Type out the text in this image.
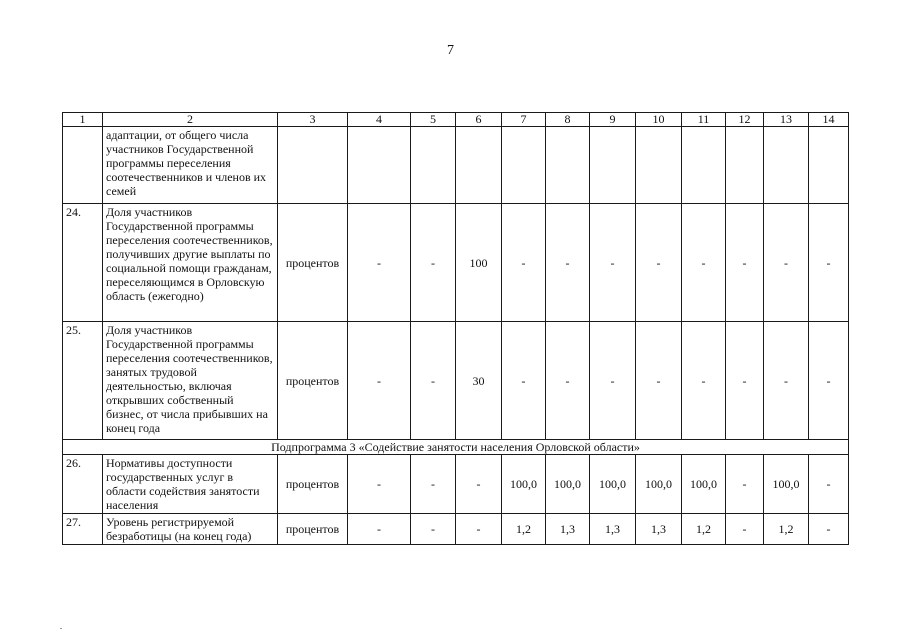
7
1	2	3	4	5	6	7	8	9	10	11	12	13	14
	адаптации, от общего числа участников Государственной программы переселения соотечественников и членов их семей												
24.	Доля участников Государственной программы переселения соотечественников, получивших другие выплаты по социальной помощи гражданам, переселяющимся в Орловскую область (ежегодно)	процентов	-	-	100	-	-	-	-	-	-	-	-
25.	Доля участников Государственной программы переселения соотечественников, занятых трудовой деятельностью, включая открывших собственный бизнес, от числа прибывших на конец года	процентов	-	-	30	-	-	-	-	-	-	-	-
Подпрограмма 3 «Содействие занятости населения Орловской области»													
26.	Нормативы доступности государственных услуг в области содействия занятости населения	процентов	-	-	-	100,0	100,0	100,0	100,0	100,0	-	100,0	-
27.	Уровень регистрируемой безработицы (на конец года)	процентов	-	-	-	1,2	1,3	1,3	1,3	1,2	-	1,2	-
